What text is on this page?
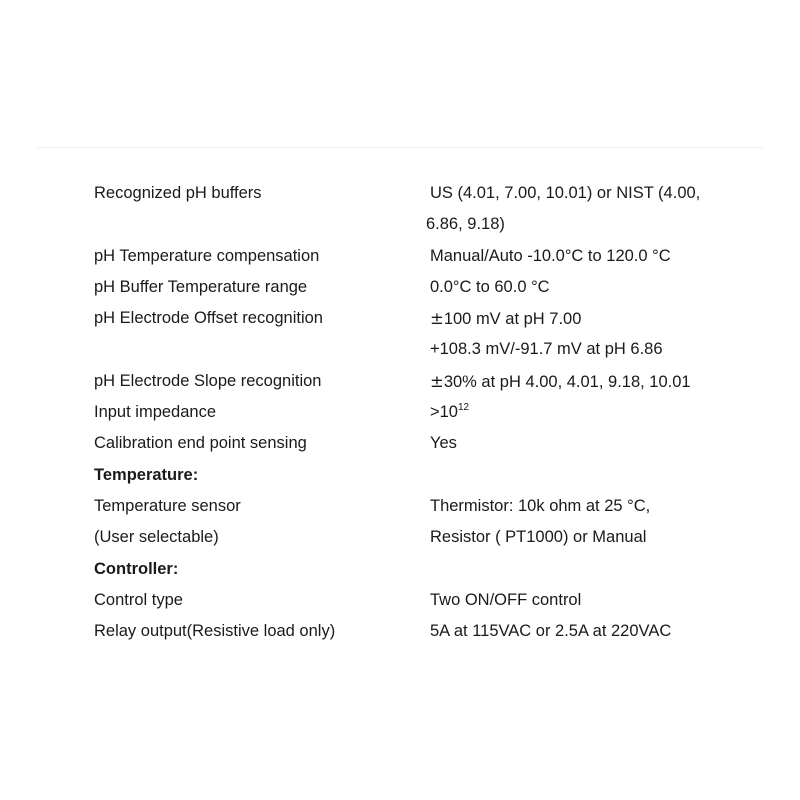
Recognized pH buffers	US (4.01, 7.00, 10.01) or NIST (4.00,
6.86, 9.18)
pH Temperature compensation	Manual/Auto -10.0°C to 120.0 °C
pH Buffer Temperature range	0.0°C to 60.0 °C
pH Electrode Offset recognition	±100 mV at pH 7.00
+108.3 mV/-91.7 mV at pH 6.86
pH Electrode Slope recognition	±30% at pH 4.00, 4.01, 9.18, 10.01
Input impedance	$>10^{12}$
Calibration end point sensing	Yes
Temperature:
Temperature sensor	Thermistor: 10k ohm at 25 °C,
(User selectable)	Resistor ( PT1000) or Manual
Controller:
Control type	Two ON/OFF control
Relay output(Resistive load only)	5A at 115VAC or 2.5A at 220VAC
